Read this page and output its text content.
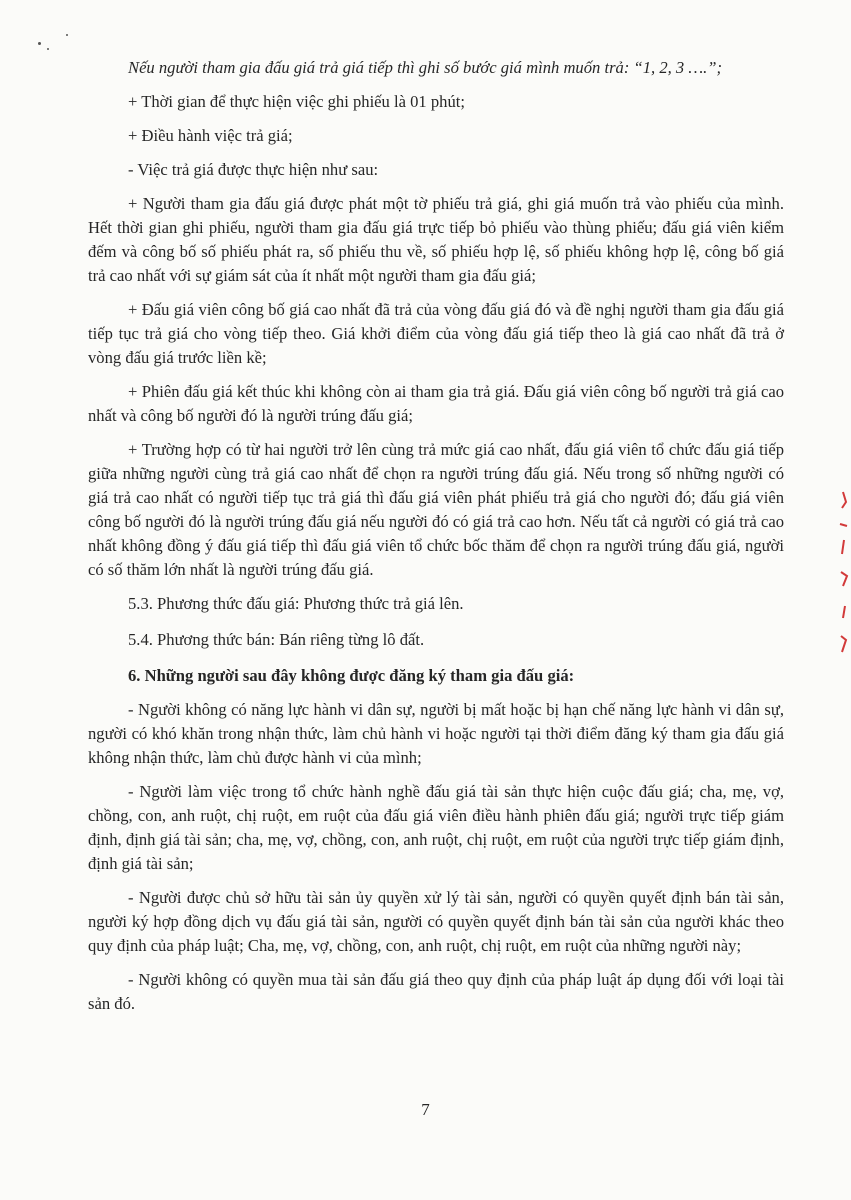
Nếu người tham gia đấu giá trả giá tiếp thì ghi số bước giá mình muốn trả: “1, 2, 3 ….”;

+ Thời gian để thực hiện việc ghi phiếu là 01 phút;

+ Điều hành việc trả giá;

- Việc trả giá được thực hiện như sau:

+ Người tham gia đấu giá được phát một tờ phiếu trả giá, ghi giá muốn trả vào phiếu của mình. Hết thời gian ghi phiếu, người tham gia đấu giá trực tiếp bỏ phiếu vào thùng phiếu; đấu giá viên kiểm đếm và công bố số phiếu phát ra, số phiếu thu về, số phiếu hợp lệ, số phiếu không hợp lệ, công bố giá trả cao nhất với sự giám sát của ít nhất một người tham gia đấu giá;

+ Đấu giá viên công bố giá cao nhất đã trả của vòng đấu giá đó và đề nghị người tham gia đấu giá tiếp tục trả giá cho vòng tiếp theo. Giá khởi điểm của vòng đấu giá tiếp theo là giá cao nhất đã trả ở vòng đấu giá trước liền kề;

+ Phiên đấu giá kết thúc khi không còn ai tham gia trả giá. Đấu giá viên công bố người trả giá cao nhất và công bố người đó là người trúng đấu giá;

+ Trường hợp có từ hai người trở lên cùng trả mức giá cao nhất, đấu giá viên tổ chức đấu giá tiếp giữa những người cùng trả giá cao nhất để chọn ra người trúng đấu giá. Nếu trong số những người có giá trả cao nhất có người tiếp tục trả giá thì đấu giá viên phát phiếu trả giá cho người đó; đấu giá viên công bố người đó là người trúng đấu giá nếu người đó có giá trả cao hơn. Nếu tất cả người có giá trả cao nhất không đồng ý đấu giá tiếp thì đấu giá viên tổ chức bốc thăm để chọn ra người trúng đấu giá, người có số thăm lớn nhất là người trúng đấu giá.

5.3. Phương thức đấu giá: Phương thức trả giá lên.

5.4. Phương thức bán: Bán riêng từng lô đất.

6. Những người sau đây không được đăng ký tham gia đấu giá:

- Người không có năng lực hành vi dân sự, người bị mất hoặc bị hạn chế năng lực hành vi dân sự, người có khó khăn trong nhận thức, làm chủ hành vi hoặc người tại thời điểm đăng ký tham gia đấu giá không nhận thức, làm chủ được hành vi của mình;

- Người làm việc trong tổ chức hành nghề đấu giá tài sản thực hiện cuộc đấu giá; cha, mẹ, vợ, chồng, con, anh ruột, chị ruột, em ruột của đấu giá viên điều hành phiên đấu giá; người trực tiếp giám định, định giá tài sản; cha, mẹ, vợ, chồng, con, anh ruột, chị ruột, em ruột của người trực tiếp giám định, định giá tài sản;

- Người được chủ sở hữu tài sản ủy quyền xử lý tài sản, người có quyền quyết định bán tài sản, người ký hợp đồng dịch vụ đấu giá tài sản, người có quyền quyết định bán tài sản của người khác theo quy định của pháp luật; Cha, mẹ, vợ, chồng, con, anh ruột, chị ruột, em ruột của những người này;

- Người không có quyền mua tài sản đấu giá theo quy định của pháp luật áp dụng đối với loại tài sản đó.

7
